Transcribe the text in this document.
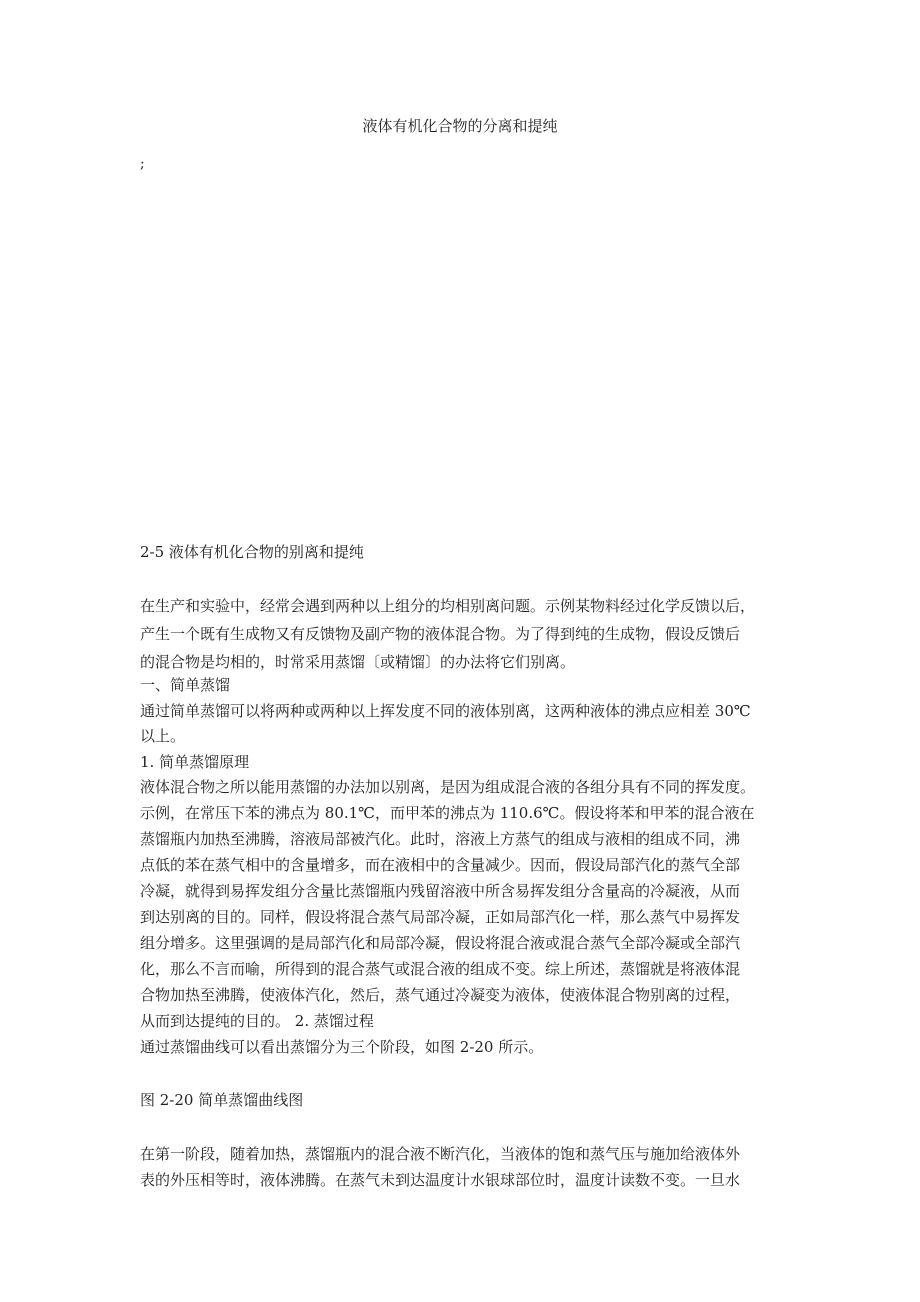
液体有机化合物的分离和提纯
;
2-5 液体有机化合物的别离和提纯
在生产和实验中，经常会遇到两种以上组分的均相别离问题。示例某物料经过化学反馈以后，
产生一个既有生成物又有反馈物及副产物的液体混合物。为了得到纯的生成物，假设反馈后
的混合物是均相的，时常采用蒸馏〔或精馏〕的办法将它们别离。
一、简单蒸馏
通过简单蒸馏可以将两种或两种以上挥发度不同的液体别离，这两种液体的沸点应相差 30℃
以上。
1. 简单蒸馏原理
液体混合物之所以能用蒸馏的办法加以别离，是因为组成混合液的各组分具有不同的挥发度。
示例，在常压下苯的沸点为 80.1℃，而甲苯的沸点为 110.6℃。假设将苯和甲苯的混合液在
蒸馏瓶内加热至沸腾，溶液局部被汽化。此时，溶液上方蒸气的组成与液相的组成不同，沸
点低的苯在蒸气相中的含量增多，而在液相中的含量减少。因而，假设局部汽化的蒸气全部
冷凝，就得到易挥发组分含量比蒸馏瓶内残留溶液中所含易挥发组分含量高的冷凝液，从而
到达别离的目的。同样，假设将混合蒸气局部冷凝，正如局部汽化一样，那么蒸气中易挥发
组分增多。这里强调的是局部汽化和局部冷凝，假设将混合液或混合蒸气全部冷凝或全部汽
化，那么不言而喻，所得到的混合蒸气或混合液的组成不变。综上所述，蒸馏就是将液体混
合物加热至沸腾，使液体汽化，然后，蒸气通过冷凝变为液体，使液体混合物别离的过程，
从而到达提纯的目的。 2. 蒸馏过程
通过蒸馏曲线可以看出蒸馏分为三个阶段，如图 2-20 所示。
图 2-20 简单蒸馏曲线图
在第一阶段，随着加热，蒸馏瓶内的混合液不断汽化，当液体的饱和蒸气压与施加给液体外
表的外压相等时，液体沸腾。在蒸气未到达温度计水银球部位时，温度计读数不变。一旦水
